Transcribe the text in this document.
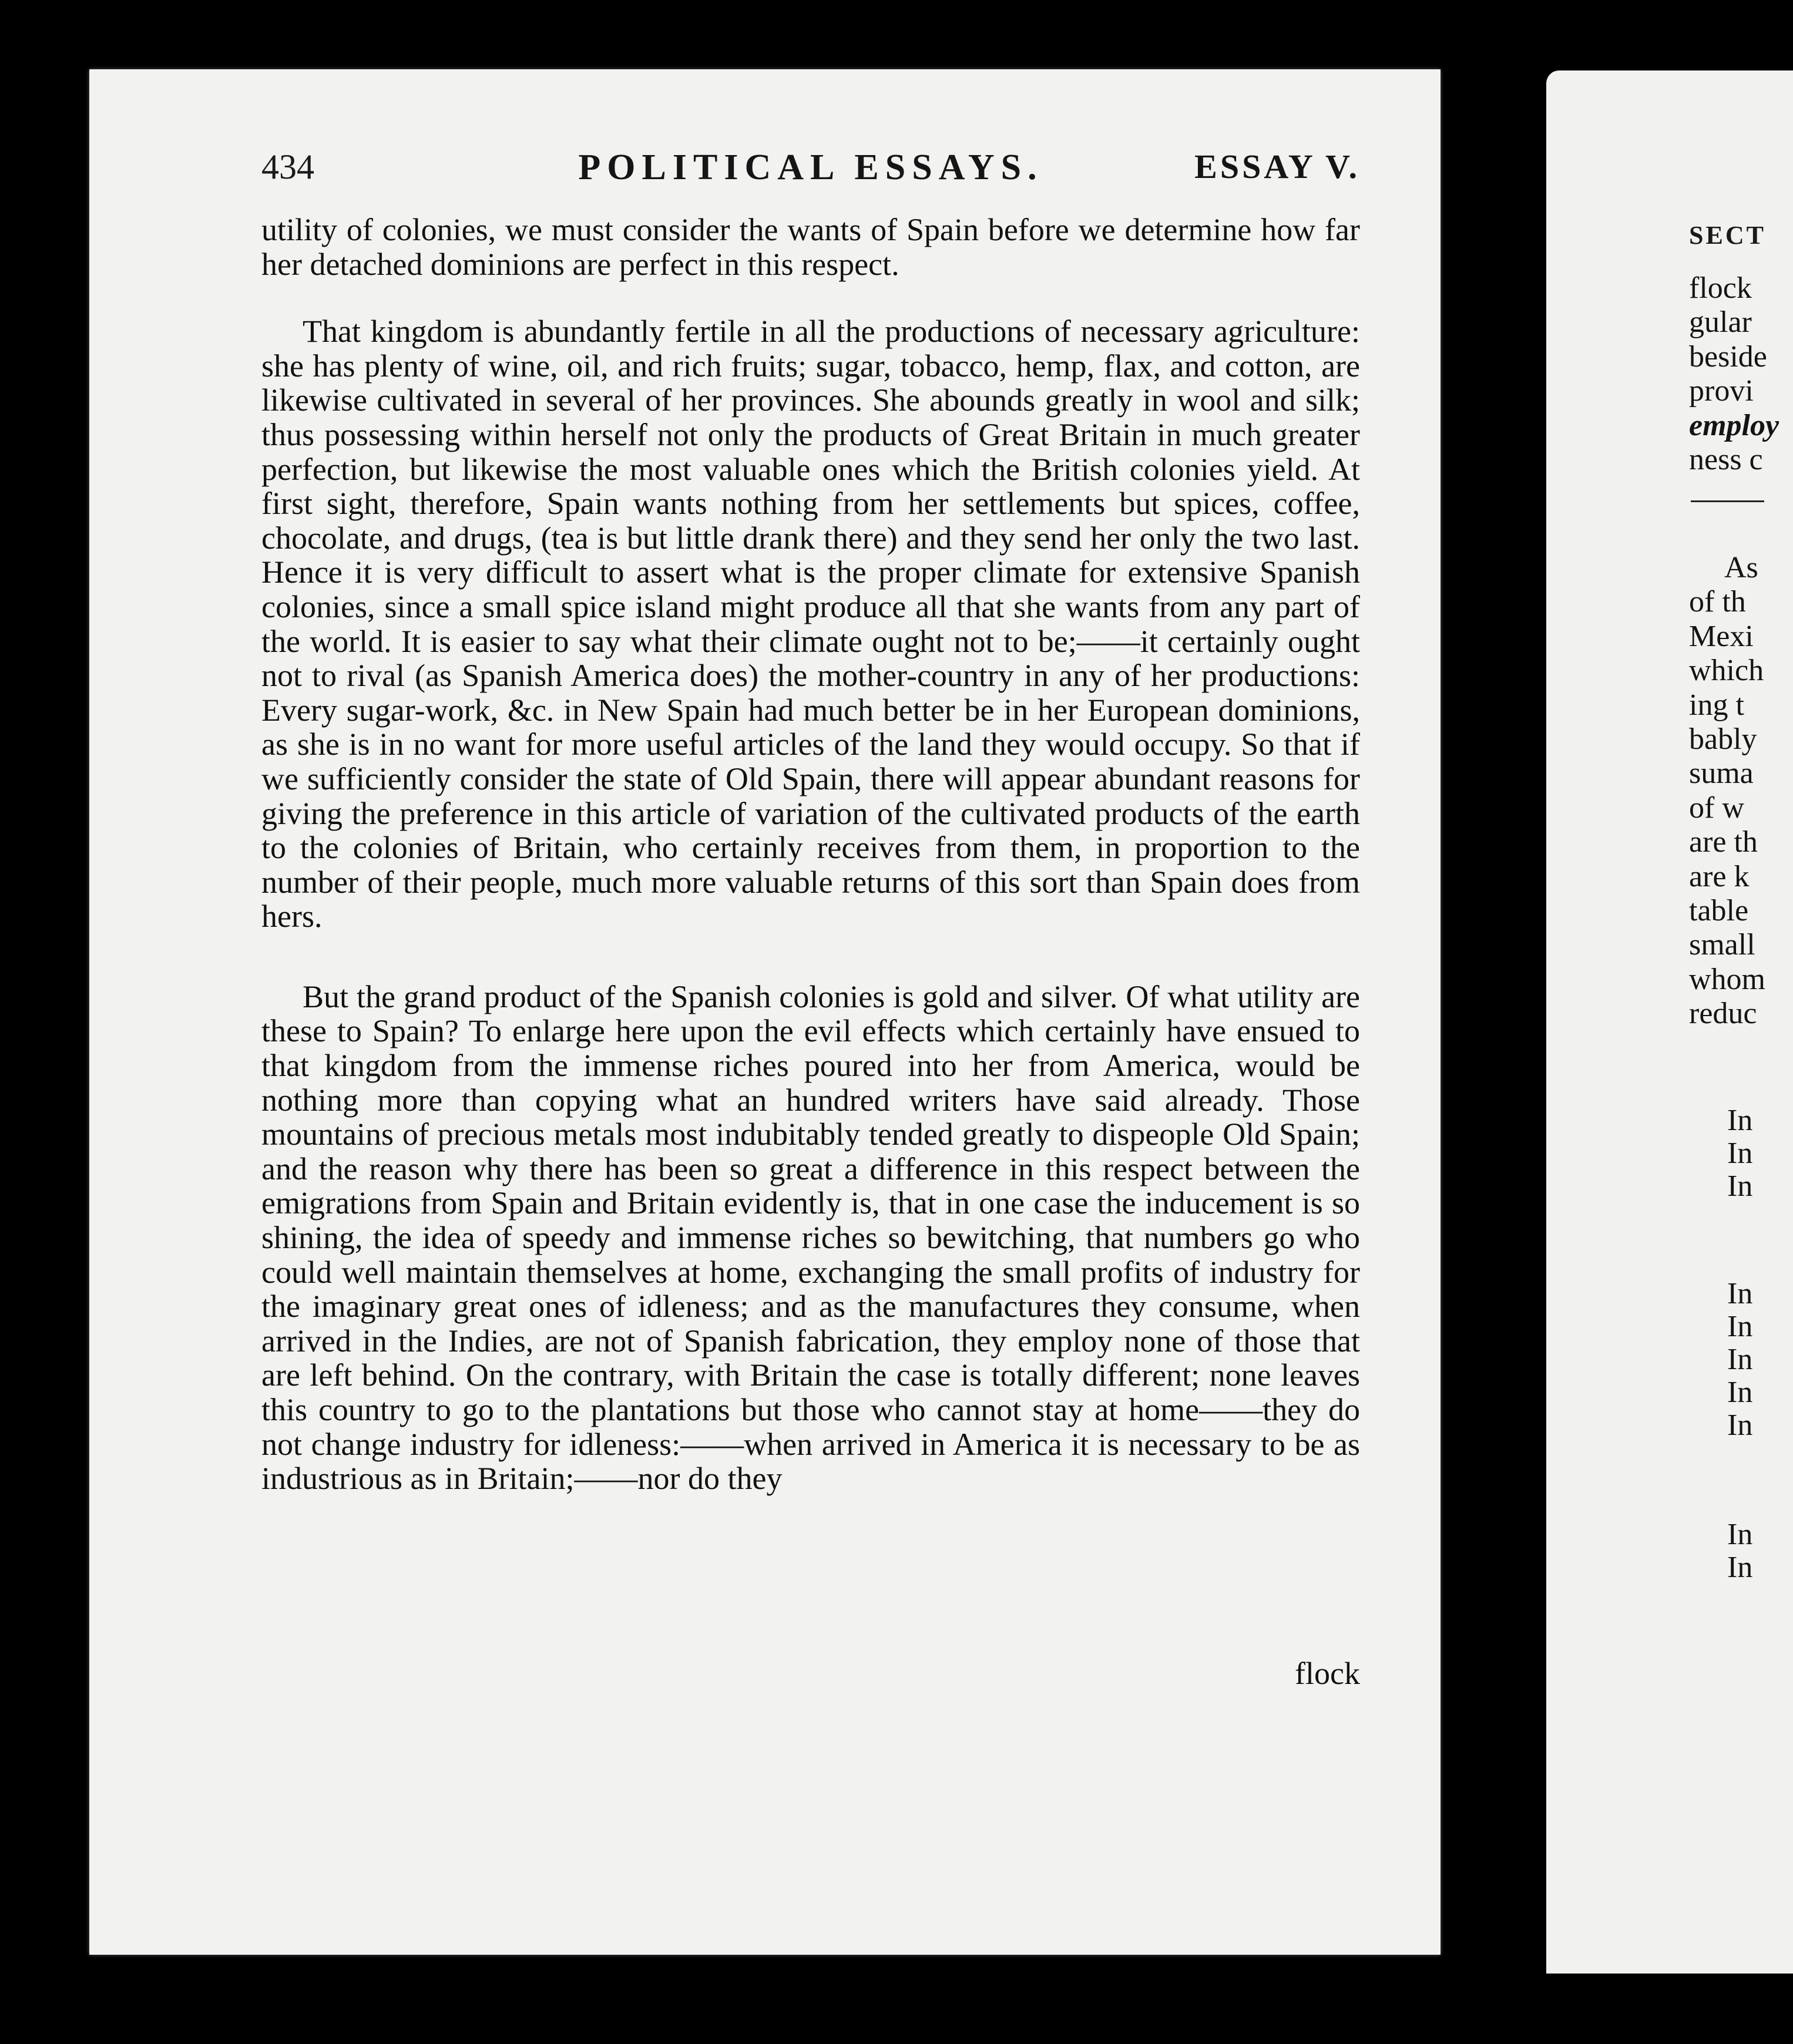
434	POLITICAL ESSAYS.	ESSAY V.

utility of colonies, we must consider the wants of Spain before we determine how far her detached dominions are perfect in this respect.

That kingdom is abundantly fertile in all the productions of necessary agriculture: she has plenty of wine, oil, and rich fruits; sugar, tobacco, hemp, flax, and cotton, are likewise cultivated in several of her provinces. She abounds greatly in wool and silk; thus possessing within herself not only the products of Great Britain in much greater perfection, but likewise the most valuable ones which the British colonies yield. At first sight, therefore, Spain wants nothing from her settlements but spices, coffee, chocolate, and drugs, (tea is but little drank there) and they send her only the two last. Hence it is very difficult to assert what is the proper climate for extensive Spanish colonies, since a small spice island might produce all that she wants from any part of the world. It is easier to say what their climate ought not to be;——it certainly ought not to rival (as Spanish America does) the mother-country in any of her productions: Every sugar-work, &c. in New Spain had much better be in her European dominions, as she is in no want for more useful articles of the land they would occupy. So that if we sufficiently consider the state of Old Spain, there will appear abundant reasons for giving the preference in this article of variation of the cultivated products of the earth to the colonies of Britain, who certainly receives from them, in proportion to the number of their people, much more valuable returns of this sort than Spain does from hers.

But the grand product of the Spanish colonies is gold and silver. Of what utility are these to Spain? To enlarge here upon the evil effects which certainly have ensued to that kingdom from the immense riches poured into her from America, would be nothing more than copying what an hundred writers have said already. Those mountains of precious metals most indubitably tended greatly to dispeople Old Spain; and the reason why there has been so great a difference in this respect between the emigrations from Spain and Britain evidently is, that in one case the inducement is so shining, the idea of speedy and immense riches so bewitching, that numbers go who could well maintain themselves at home, exchanging the small profits of industry for the imaginary great ones of idleness; and as the manufactures they consume, when arrived in the Indies, are not of Spanish fabrication, they employ none of those that are left behind. On the contrary, with Britain the case is totally different; none leaves this country to go to the plantations but those who cannot stay at home——they do not change industry for idleness:——when arrived in America it is necessary to be as industrious as in Britain;——nor do they

flock
SECT
flock
gular
beside
provi
employ
ness c
As
of th
Mexi
which
ing t
bably
suma
of w
are th
are k
table
small
whom
reduc
In
In
In
In
In
In
In
In
In
In
